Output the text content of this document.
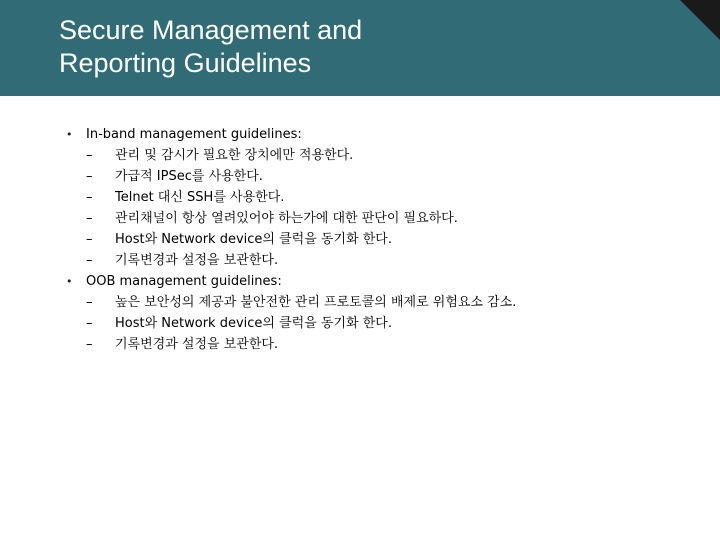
Secure Management and
Reporting Guidelines
•	In-band management guidelines:
–	관리 및 감시가 필요한 장치에만 적용한다.
–	가급적 IPSec를 사용한다.
–	Telnet 대신 SSH를 사용한다.
–	관리채널이 항상 열려있어야 하는가에 대한 판단이 필요하다.
–	Host와 Network device의 클럭을 동기화 한다.
–	기록변경과 설정을 보관한다.
•	OOB management guidelines:
–	높은 보안성의 제공과 불안전한 관리 프로토콜의 배제로 위험요소 감소.
–	Host와 Network device의 클럭을 동기화 한다.
–	기록변경과 설정을 보관한다.
